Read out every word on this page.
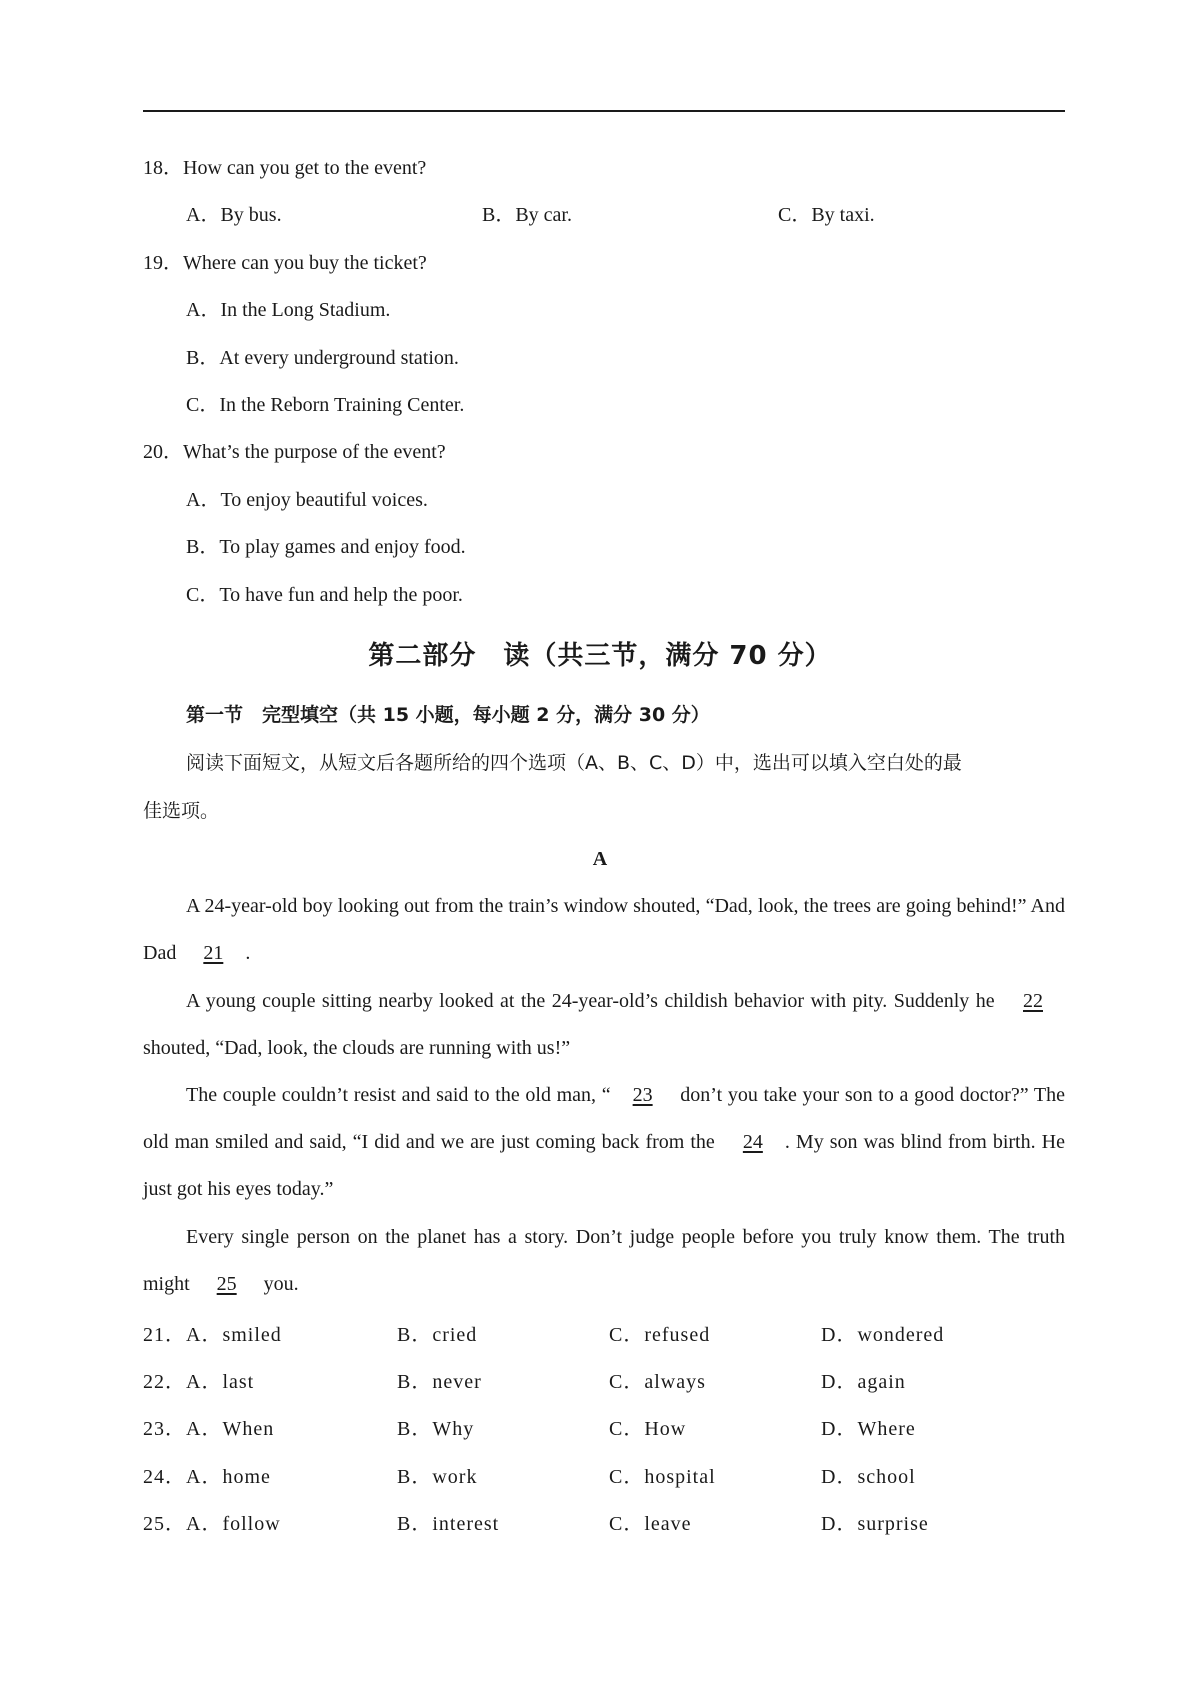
18．How can you get to the event?
A．By bus.	B．By car.	C．By taxi.
19．Where can you buy the ticket?
A．In the Long Stadium.
B．At every underground station.
C．In the Reborn Training Center.
20．What’s the purpose of the event?
A．To enjoy beautiful voices.
B．To play games and enjoy food.
C．To have fun and help the poor.
第二部分　读（共三节，满分 70 分）
第一节　完型填空（共 15 小题，每小题 2 分，满分 30 分）
阅读下面短文，从短文后各题所给的四个选项（A、B、C、D）中，选出可以填入空白处的最
佳选项。
A
A 24-year-old boy looking out from the train’s window shouted, “Dad, look, the trees are going behind!” And Dad 21 .
A young couple sitting nearby looked at the 24-year-old’s childish behavior with pity. Suddenly he 22 shouted, “Dad, look, the clouds are running with us!”
The couple couldn’t resist and said to the old man, “ 23 don’t you take your son to a good doctor?” The old man smiled and said, “I did and we are just coming back from the 24 . My son was blind from birth. He just got his eyes today.”
Every single person on the planet has a story. Don’t judge people before you truly know them. The truth might 25 you.
21． A．smiled	B．cried	C．refused	D．wondered
22． A．last	B．never	C．always	D．again
23． A．When	B．Why	C．How	D．Where
24． A．home	B．work	C．hospital	D．school
25． A．follow	B．interest	C．leave	D．surprise
